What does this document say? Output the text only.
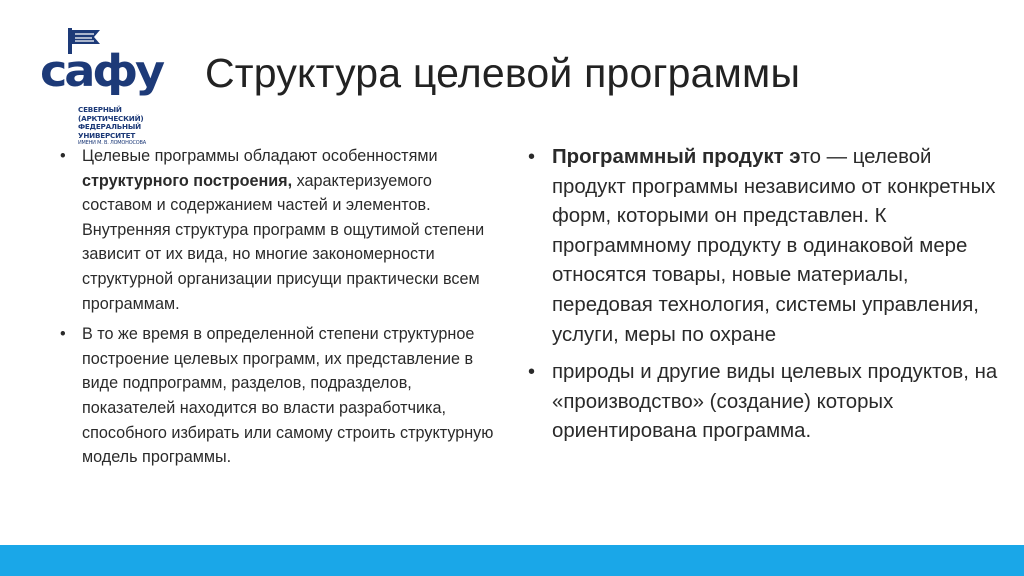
сафу
СЕВЕРНЫЙ
(АРКТИЧЕСКИЙ)
ФЕДЕРАЛЬНЫЙ
УНИВЕРСИТЕТ
ИМЕНИ М. В. ЛОМОНОСОВА
Структура целевой программы
• Целевые программы обладают особенностями структурного построения, характеризуемого составом и содержанием частей и элементов. Внутренняя структура программ в ощутимой степени зависит от их вида, но многие закономерности структурной организации присущи практически всем программам.
• В то же время в определенной степени структурное построение целевых программ, их представление в виде подпрограмм, разделов, подразделов, показателей находится во власти разработчика, способного избирать или самому строить структурную модель программы.
• Программный продукт это — целевой продукт программы независимо от конкретных форм, которыми он представлен. К программному продукту в одинаковой мере относятся товары, новые материалы, передовая технология, системы управления, услуги, меры по охране
• природы и другие виды целевых продуктов, на «производство» (создание) которых ориентирована программа.
